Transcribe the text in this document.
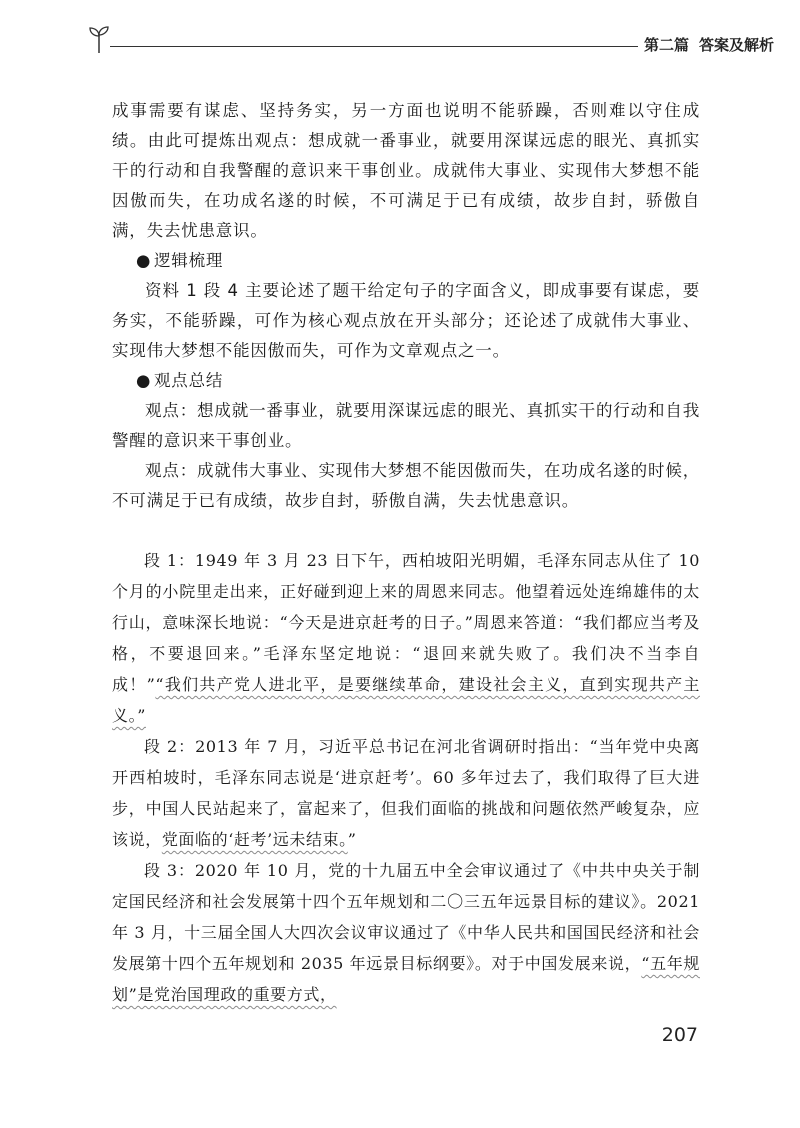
第二篇 答案及解析

成事需要有谋虑、坚持务实，另一方面也说明不能骄躁，否则难以守住成绩。由此可提炼出观点：想成就一番事业，就要用深谋远虑的眼光、真抓实干的行动和自我警醒的意识来干事创业。成就伟大事业、实现伟大梦想不能因傲而失，在功成名遂的时候，不可满足于已有成绩，故步自封，骄傲自满，失去忧患意识。

● 逻辑梳理

资料 1 段 4 主要论述了题干给定句子的字面含义，即成事要有谋虑，要务实，不能骄躁，可作为核心观点放在开头部分；还论述了成就伟大事业、实现伟大梦想不能因傲而失，可作为文章观点之一。

● 观点总结

观点：想成就一番事业，就要用深谋远虑的眼光、真抓实干的行动和自我警醒的意识来干事创业。

观点：成就伟大事业、实现伟大梦想不能因傲而失，在功成名遂的时候，不可满足于已有成绩，故步自封，骄傲自满，失去忧患意识。

段 1：1949 年 3 月 23 日下午，西柏坡阳光明媚，毛泽东同志从住了 10 个月的小院里走出来，正好碰到迎上来的周恩来同志。他望着远处连绵雄伟的太行山，意味深长地说：“今天是进京赶考的日子。”周恩来答道：“我们都应当考及格，不要退回来。”毛泽东坚定地说：“退回来就失败了。我们决不当李自成！”“我们共产党人进北平，是要继续革命，建设社会主义，直到实现共产主义。”

段 2：2013 年 7 月，习近平总书记在河北省调研时指出：“当年党中央离开西柏坡时，毛泽东同志说是‘进京赶考’。60 多年过去了，我们取得了巨大进步，中国人民站起来了，富起来了，但我们面临的挑战和问题依然严峻复杂，应该说，党面临的‘赶考’远未结束。”

段 3：2020 年 10 月，党的十九届五中全会审议通过了《中共中央关于制定国民经济和社会发展第十四个五年规划和二〇三五年远景目标的建议》。2021 年 3 月，十三届全国人大四次会议审议通过了《中华人民共和国国民经济和社会发展第十四个五年规划和 2035 年远景目标纲要》。对于中国发展来说，“五年规划”是党治国理政的重要方式，

207
